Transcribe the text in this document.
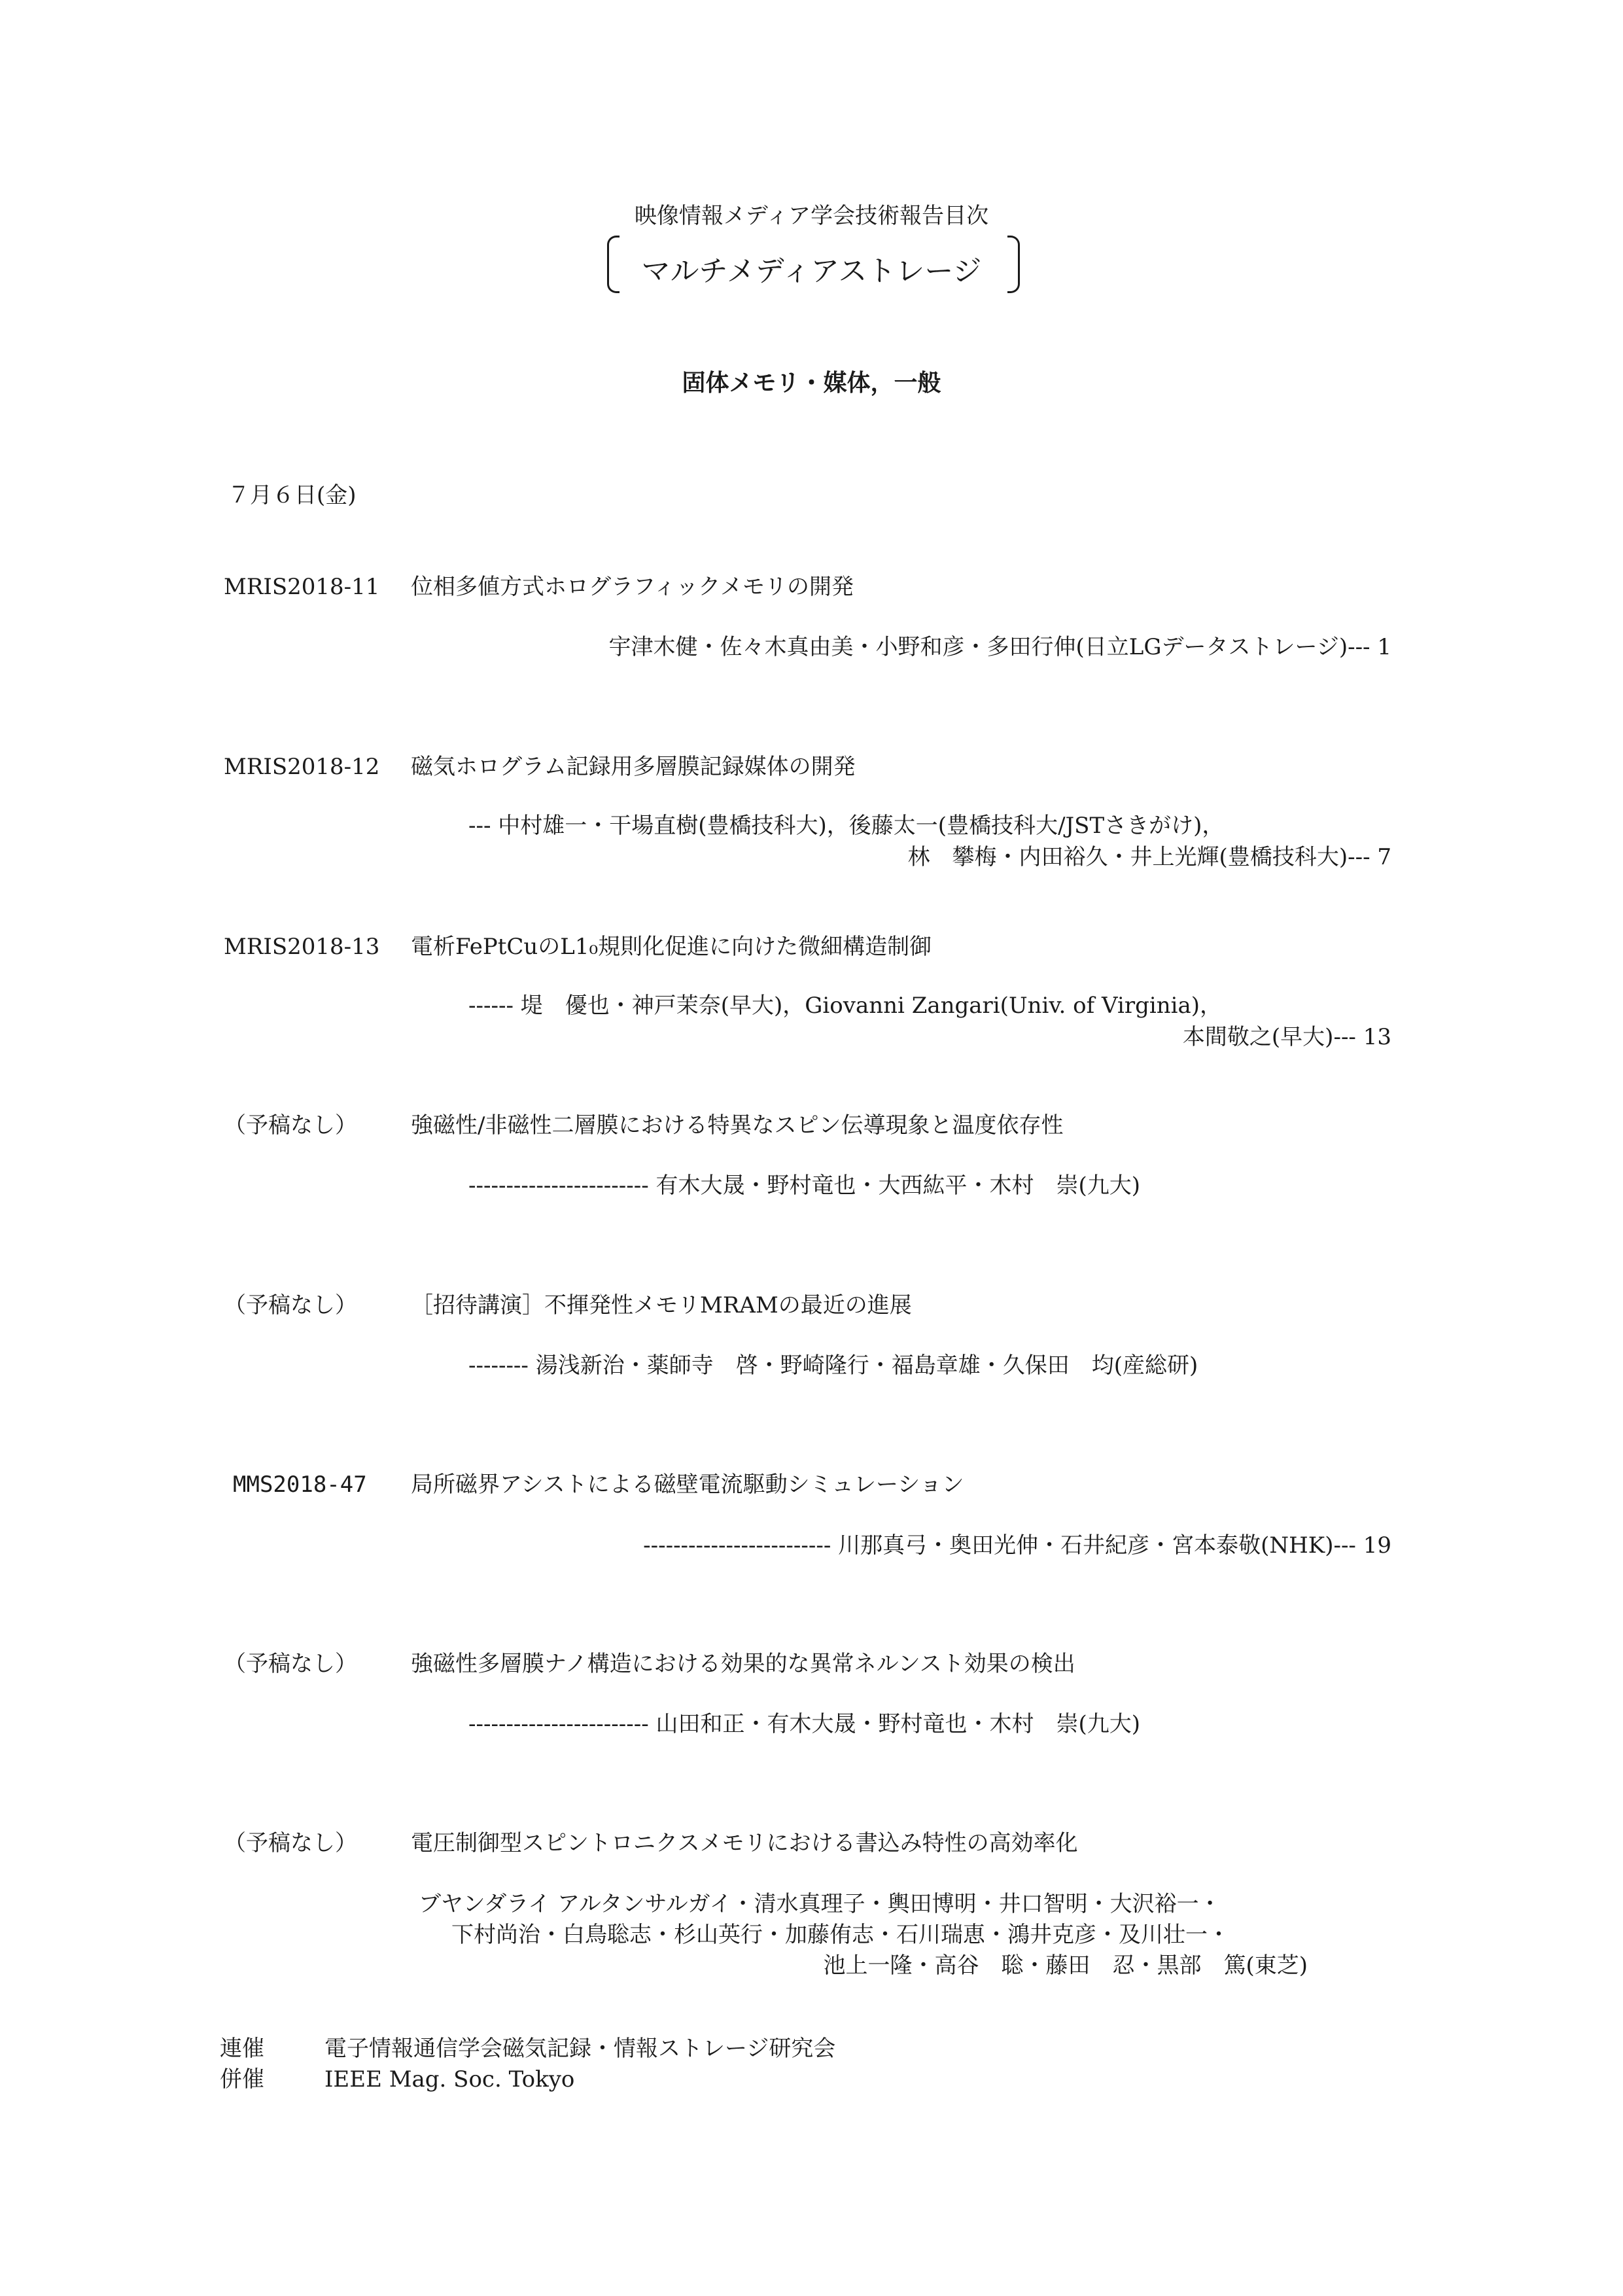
映像情報メディア学会技術報告目次
マルチメディアストレージ
固体メモリ・媒体，一般
７月６日(金)
MRIS2018-11 位相多値方式ホログラフィックメモリの開発
宇津木健・佐々木真由美・小野和彦・多田行伸(日立LGデータストレージ)--- 1
MRIS2018-12 磁気ホログラム記録用多層膜記録媒体の開発
--- 中村雄一・干場直樹(豊橋技科大)，後藤太一(豊橋技科大/JSTさきがけ)，
林　攀梅・内田裕久・井上光輝(豊橋技科大)--- 7
MRIS2018-13 電析FePtCuのL1₀規則化促進に向けた微細構造制御
------ 堤　優也・神戸茉奈(早大)，Giovanni Zangari(Univ. of Virginia)，
本間敬之(早大)--- 13
（予稿なし） 強磁性/非磁性二層膜における特異なスピン伝導現象と温度依存性
------------------------ 有木大晟・野村竜也・大西紘平・木村　崇(九大)
（予稿なし） ［招待講演］不揮発性メモリMRAMの最近の進展
-------- 湯浅新治・薬師寺　啓・野崎隆行・福島章雄・久保田　均(産総研)
MMS2018-47 局所磁界アシストによる磁壁電流駆動シミュレーション
------------------------- 川那真弓・奥田光伸・石井紀彦・宮本泰敬(NHK)--- 19
（予稿なし） 強磁性多層膜ナノ構造における効果的な異常ネルンスト効果の検出
------------------------ 山田和正・有木大晟・野村竜也・木村　崇(九大)
（予稿なし） 電圧制御型スピントロニクスメモリにおける書込み特性の高効率化
ブヤンダライ アルタンサルガイ・清水真理子・輿田博明・井口智明・大沢裕一・
下村尚治・白鳥聡志・杉山英行・加藤侑志・石川瑞恵・鴻井克彦・及川壮一・
池上一隆・高谷　聡・藤田　忍・黒部　篤(東芝)
連催	電子情報通信学会磁気記録・情報ストレージ研究会
併催	IEEE Mag. Soc. Tokyo
